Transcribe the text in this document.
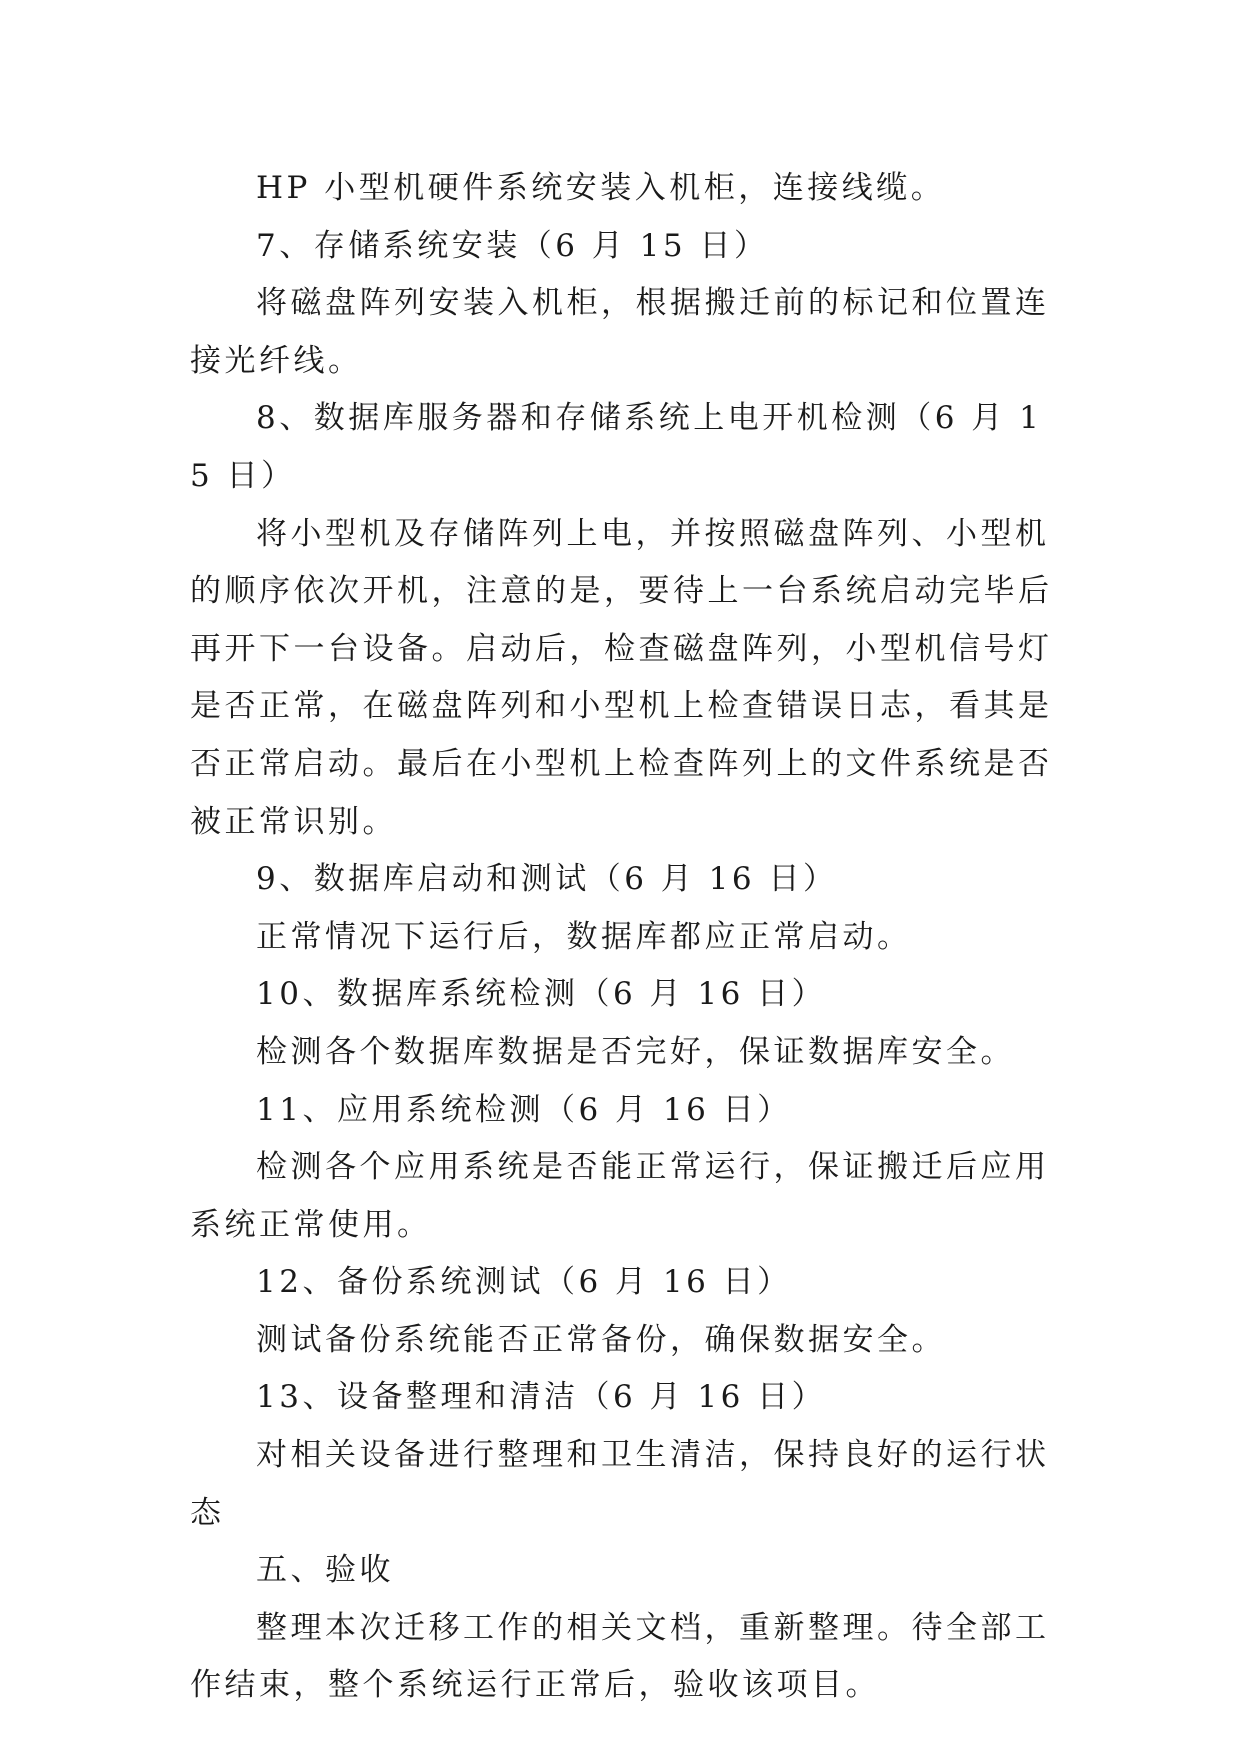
HP 小型机硬件系统安装入机柜，连接线缆。

7、存储系统安装（6 月 15 日）

将磁盘阵列安装入机柜，根据搬迁前的标记和位置连接光纤线。

8、数据库服务器和存储系统上电开机检测（6 月 15 日）

将小型机及存储阵列上电，并按照磁盘阵列、小型机的顺序依次开机，注意的是，要待上一台系统启动完毕后再开下一台设备。启动后，检查磁盘阵列，小型机信号灯是否正常，在磁盘阵列和小型机上检查错误日志，看其是否正常启动。最后在小型机上检查阵列上的文件系统是否被正常识别。

9、数据库启动和测试（6 月 16 日）

正常情况下运行后，数据库都应正常启动。

10、数据库系统检测（6 月 16 日）

检测各个数据库数据是否完好，保证数据库安全。

11、应用系统检测（6 月 16 日）

检测各个应用系统是否能正常运行，保证搬迁后应用系统正常使用。

12、备份系统测试（6 月 16 日）

测试备份系统能否正常备份，确保数据安全。

13、设备整理和清洁（6 月 16 日）

对相关设备进行整理和卫生清洁，保持良好的运行状态

五、验收

整理本次迁移工作的相关文档，重新整理。待全部工作结束，整个系统运行正常后，验收该项目。
